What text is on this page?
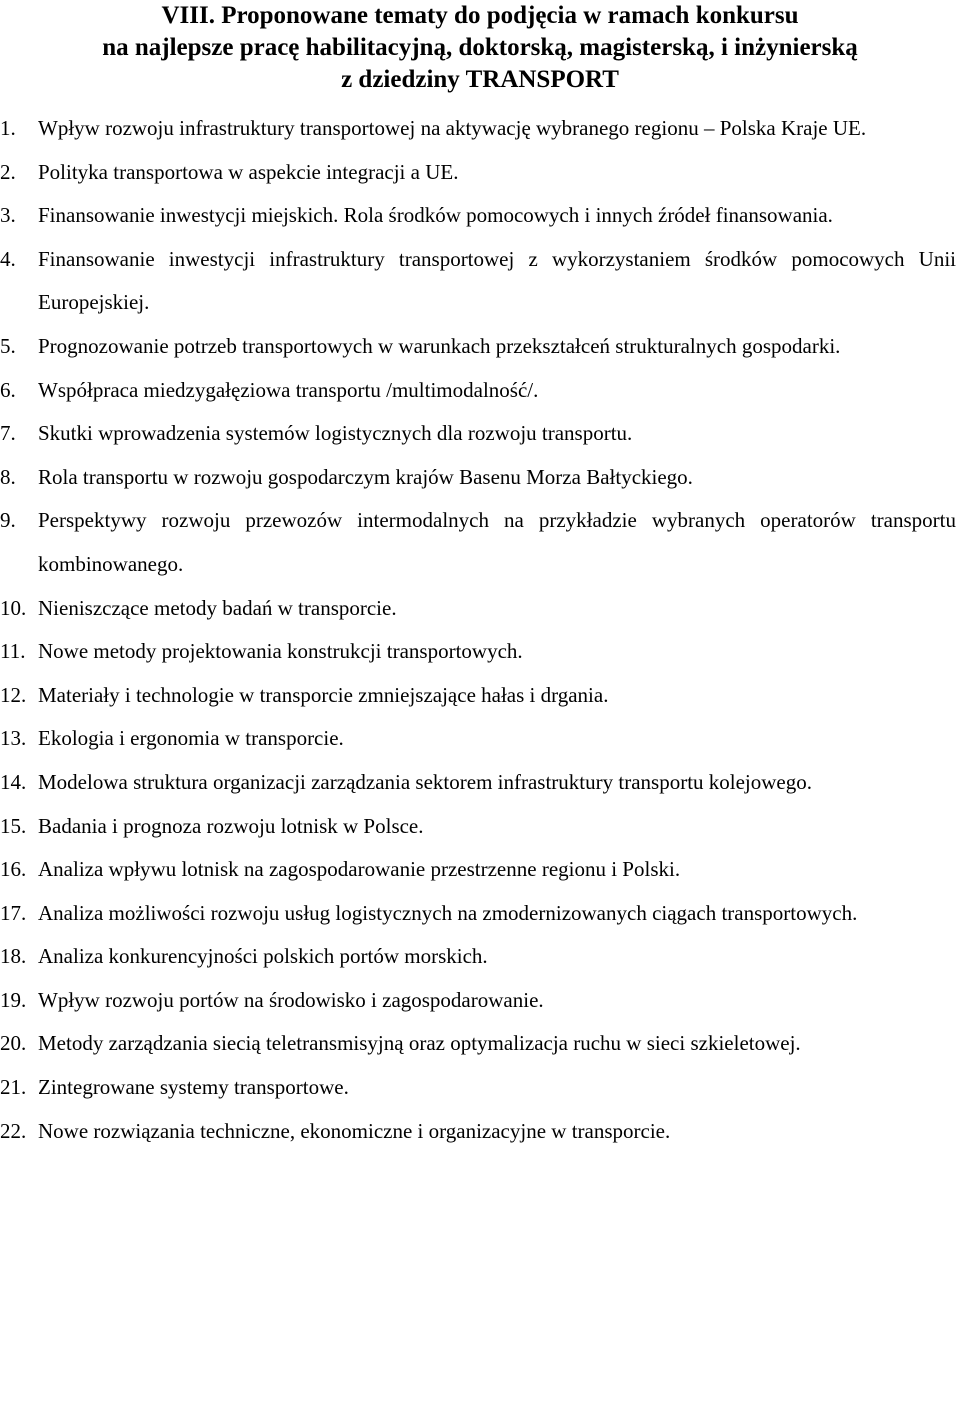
VIII. Proponowane tematy do podjęcia w ramach konkursu
na najlepsze pracę habilitacyjną, doktorską, magisterską, i inżynierską
z dziedziny TRANSPORT
1. Wpływ rozwoju infrastruktury transportowej na aktywację wybranego regionu – Polska Kraje UE.
2. Polityka transportowa w aspekcie integracji a UE.
3. Finansowanie inwestycji miejskich. Rola środków pomocowych i innych źródeł finansowania.
4. Finansowanie inwestycji infrastruktury transportowej z wykorzystaniem środków pomocowych Unii Europejskiej.
5. Prognozowanie potrzeb transportowych w warunkach przekształceń strukturalnych gospodarki.
6. Współpraca miedzygałęziowa transportu /multimodalność/.
7. Skutki wprowadzenia systemów logistycznych dla rozwoju transportu.
8. Rola transportu w rozwoju gospodarczym krajów Basenu Morza Bałtyckiego.
9. Perspektywy rozwoju przewozów intermodalnych na przykładzie wybranych operatorów transportu kombinowanego.
10. Nieniszczące metody badań w transporcie.
11. Nowe metody projektowania konstrukcji transportowych.
12. Materiały i technologie w transporcie zmniejszające hałas i drgania.
13. Ekologia i ergonomia w transporcie.
14. Modelowa struktura organizacji zarządzania sektorem infrastruktury transportu kolejowego.
15. Badania i prognoza rozwoju lotnisk w Polsce.
16. Analiza wpływu lotnisk na zagospodarowanie przestrzenne regionu i Polski.
17. Analiza możliwości rozwoju usług logistycznych na zmodernizowanych ciągach transportowych.
18. Analiza konkurencyjności polskich portów morskich.
19. Wpływ rozwoju portów na środowisko i zagospodarowanie.
20. Metody zarządzania siecią teletransmisyjną oraz optymalizacja ruchu w sieci szkieletowej.
21. Zintegrowane systemy transportowe.
22. Nowe rozwiązania techniczne, ekonomiczne i organizacyjne w transporcie.
